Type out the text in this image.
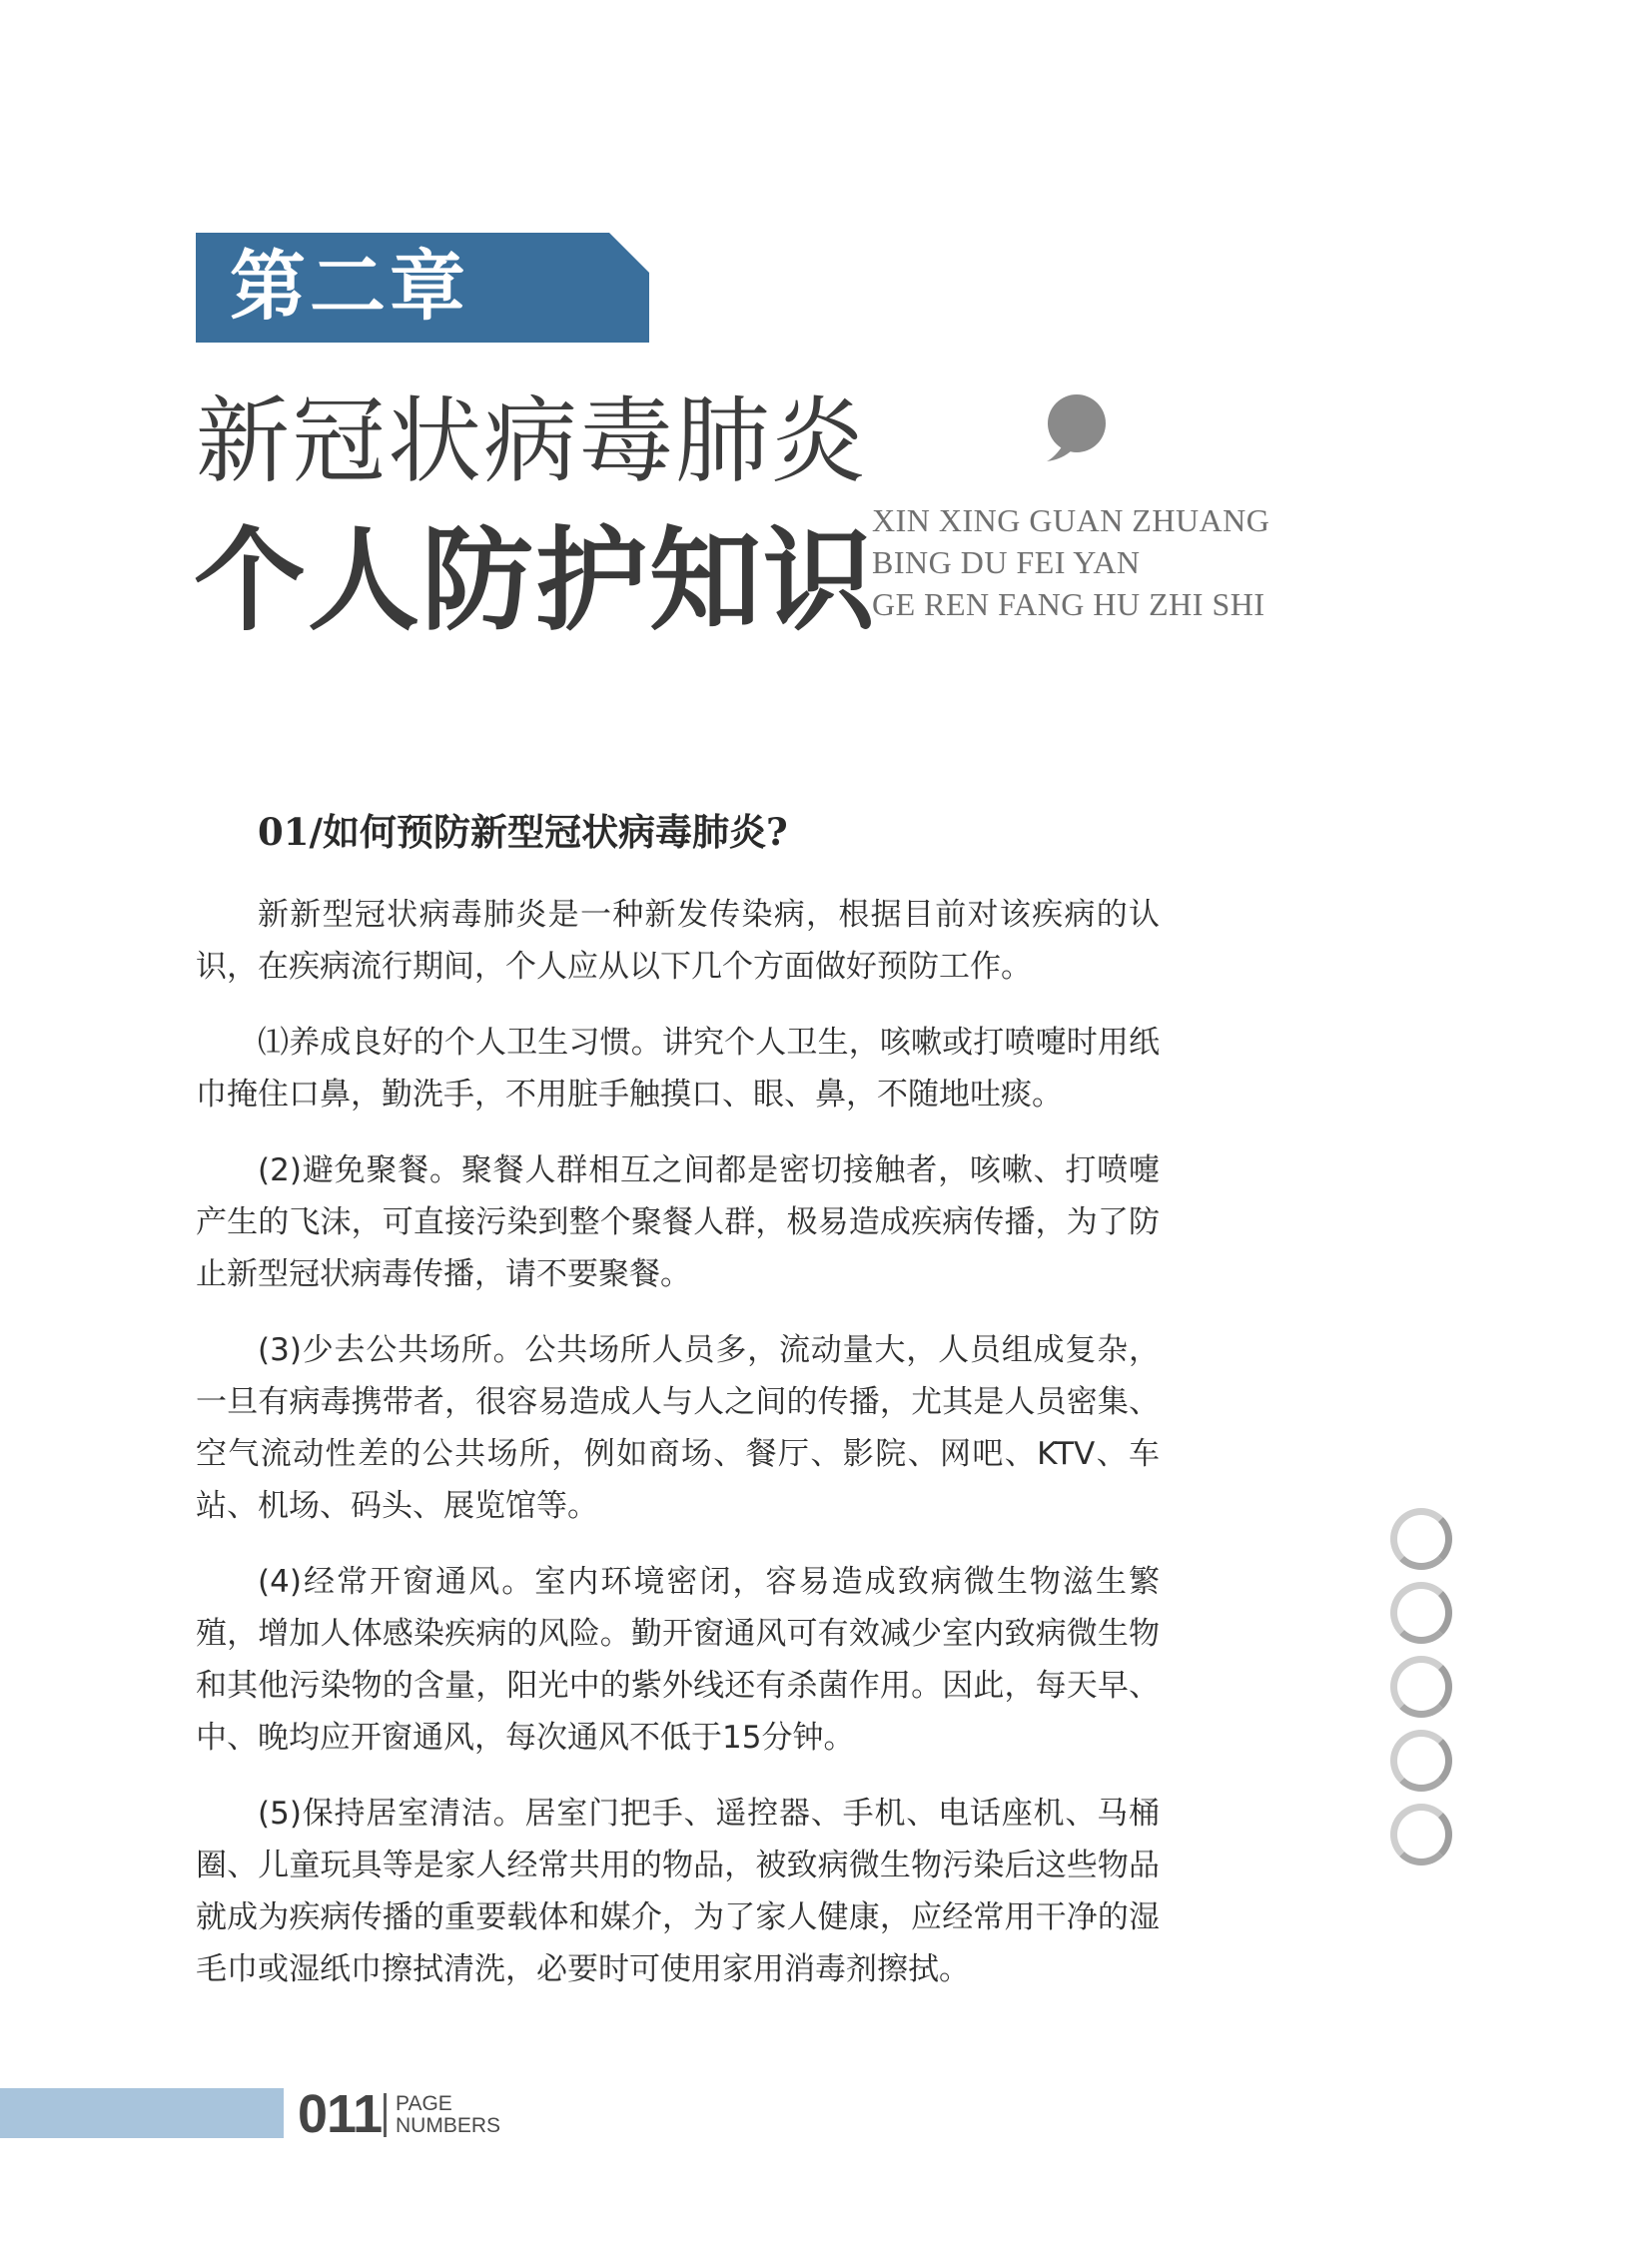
第二章
新冠状病毒肺炎
个人防护知识
XIN XING GUAN ZHUANG
BING DU FEI YAN
GE REN FANG HU ZHI SHI
01/如何预防新型冠状病毒肺炎?

新新型冠状病毒肺炎是一种新发传染病，根据目前对该疾病的认识，在疾病流行期间，个人应从以下几个方面做好预防工作。

⑴养成良好的个人卫生习惯。讲究个人卫生，咳嗽或打喷嚏时用纸巾掩住口鼻，勤洗手，不用脏手触摸口、眼、鼻，不随地吐痰。

(2)避免聚餐。聚餐人群相互之间都是密切接触者，咳嗽、打喷嚏产生的飞沫，可直接污染到整个聚餐人群，极易造成疾病传播，为了防止新型冠状病毒传播，请不要聚餐。

(3)少去公共场所。公共场所人员多，流动量大，人员组成复杂，一旦有病毒携带者，很容易造成人与人之间的传播，尤其是人员密集、空气流动性差的公共场所，例如商场、餐厅、影院、网吧、KTV、车站、机场、码头、展览馆等。

(4)经常开窗通风。室内环境密闭，容易造成致病微生物滋生繁殖，增加人体感染疾病的风险。勤开窗通风可有效减少室内致病微生物和其他污染物的含量，阳光中的紫外线还有杀菌作用。因此，每天早、中、晚均应开窗通风，每次通风不低于15分钟。

(5)保持居室清洁。居室门把手、遥控器、手机、电话座机、马桶圈、儿童玩具等是家人经常共用的物品，被致病微生物污染后这些物品就成为疾病传播的重要载体和媒介，为了家人健康，应经常用干净的湿毛巾或湿纸巾擦拭清洗，必要时可使用家用消毒剂擦拭。

011 PAGE
NUMBERS
